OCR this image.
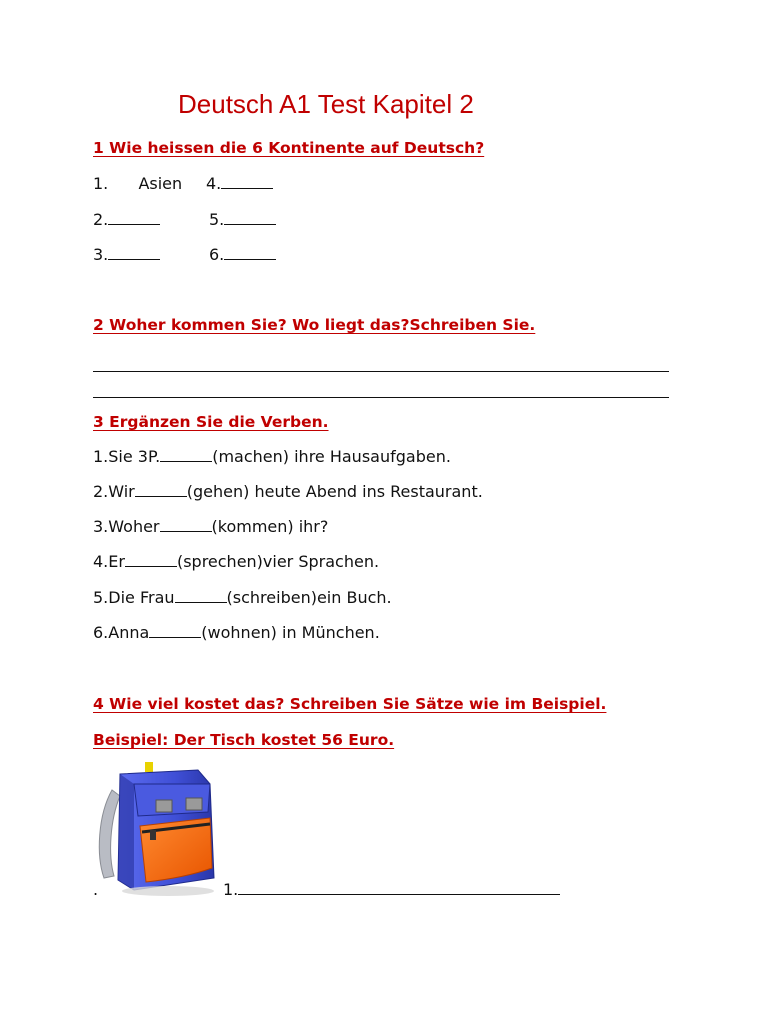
Deutsch A1 Test Kapitel 2
1 Wie heissen die 6 Kontinente auf Deutsch?
1. Asien 4.
2.	5.
3.	6.
2 Woher kommen Sie? Wo liegt das?Schreiben Sie.
3 Ergänzen Sie die Verben.
1.Sie 3P.	(machen) ihre Hausaufgaben.
2.Wir	(gehen) heute Abend ins Restaurant.
3.Woher	(kommen) ihr?
4.Er	(sprechen)vier Sprachen.
5.Die Frau	(schreiben)ein Buch.
6.Anna	(wohnen) in München.
4 Wie viel kostet das? Schreiben Sie Sätze wie im Beispiel.
Beispiel: Der Tisch kostet 56 Euro.
.	1.
